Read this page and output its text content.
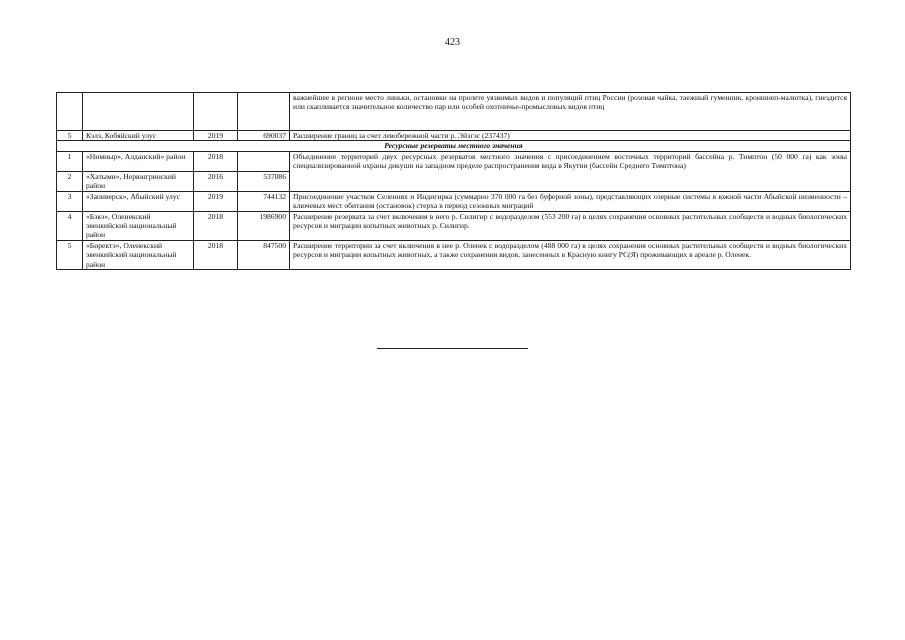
423
				важнейшее в регионе место линьки, остановки на пролете уязвимых видов и популяций птиц России (розовая чайка, таежный гуменник, кроншнеп-малютка), гнездится или скапливается значительное количество пар или особей охотничье-промысловых видов птиц
5	Кэлэ, Кобяйский улус	2019	690037	Расширение границ за счет левобережной части р. Эйэгэс (237437)
Ресурсные резерваты местного значения				
1	«Нимныр», Алданский» район	2018		Объединение территорий двух ресурсных резерватов местного значения с присоединением восточных территорий бассейна р. Тимптон (50 000 га) как зоны специализированной охраны дикуши на западном пределе распространения вида в Якутии (бассейн Среднего Тимптона)
2	«Хатыми», Нерюнгринский район	2016	537086	
3	«Запиверск», Абыйский улус	2019	744132	Присоединение участков Селеннях и Индигирка (суммарно 370 000 га без буферной зоны), представляющих озерные системы в южной части Абыйской низменности – ключевых мест обитания (остановок) стерха в период сезонных миграций
4	«Бэкэ», Оленекский эвенкийский национальный район	2018	1986900	Расширение резервата за счет включения в него р. Силигир с водоразделом (553 200 га) в целях сохранения основных растительных сообществ и водных биологических ресурсов и миграции копытных животных р. Силигир.
5	«Биректэ», Оленекский эвенкийский национальный район	2018	847500	Расширение территории за счет включения в нее р. Оленек с водоразделом (488 000 га) в целях сохранения основных растительных сообществ и водных биологических ресурсов и миграции копытных животных, а также сохранения видов, занесенных в Красную книгу РС(Я) проживающих в ареале р. Оленек.
